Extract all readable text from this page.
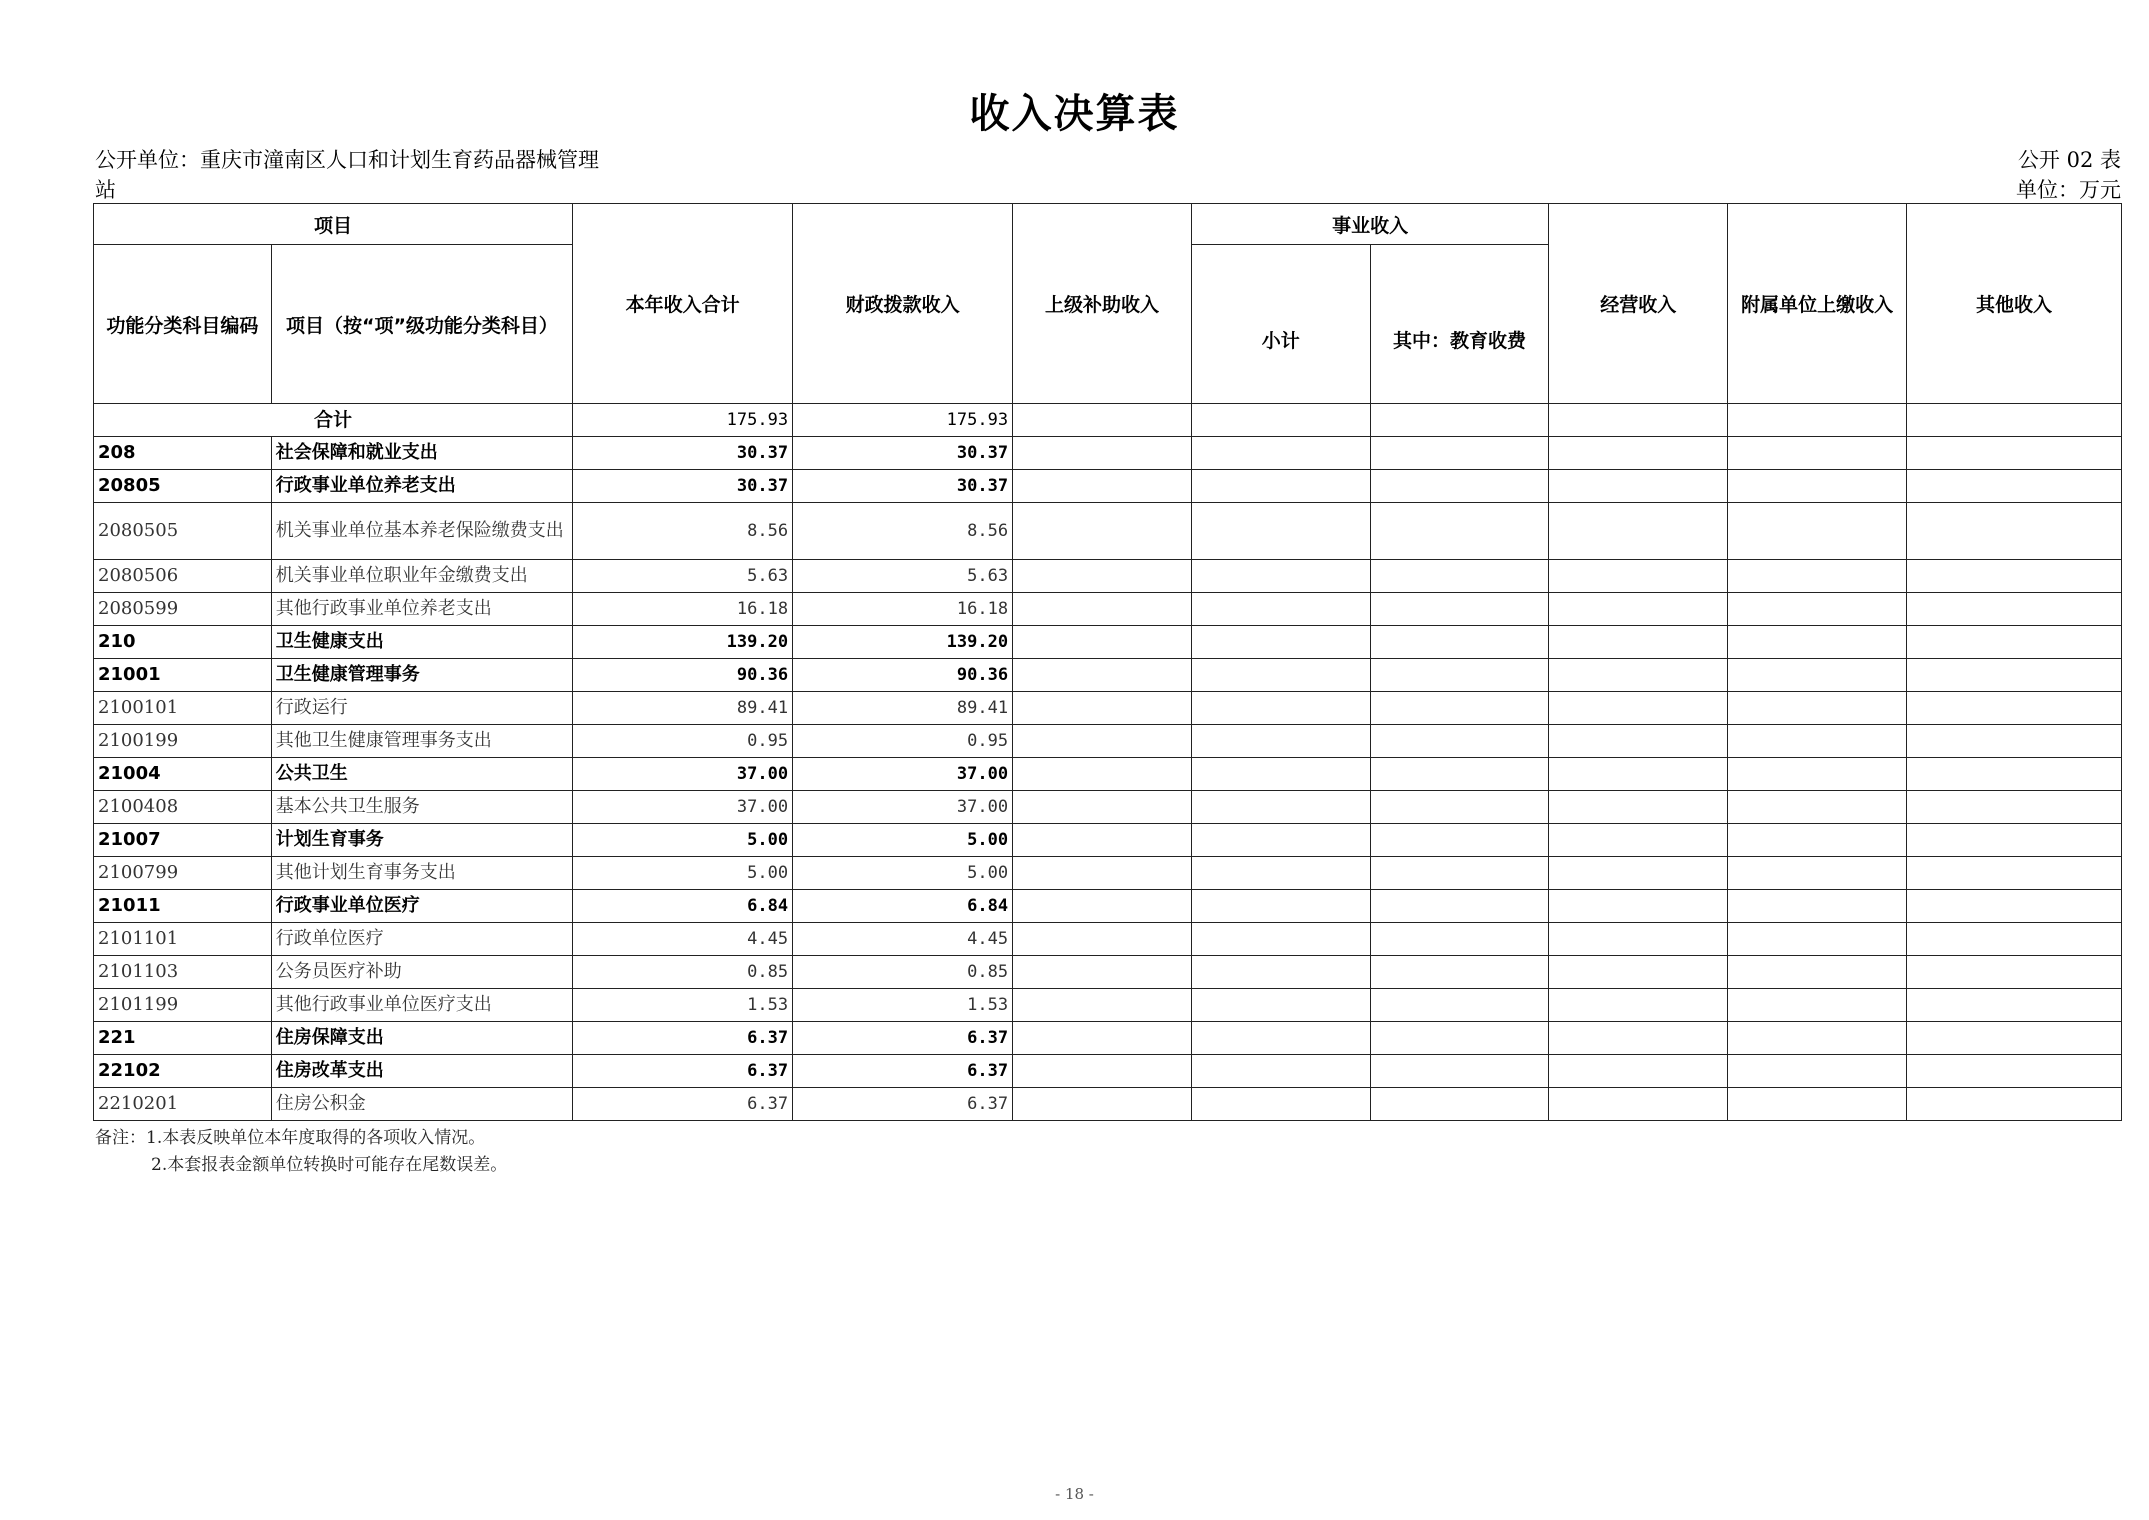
收入决算表
公开单位：重庆市潼南区人口和计划生育药品器械管理站
公开 02 表
单位：万元
项目		本年收入合计	财政拨款收入	上级补助收入	事业收入		经营收入	附属单位上缴收入	其他收入
功能分类科目编码	项目（按“项”级功能分类科目）				小计	其中：教育收费			
合计		175.93	175.93						
208	社会保障和就业支出	30.37	30.37						
20805	行政事业单位养老支出	30.37	30.37						
2080505	机关事业单位基本养老保险缴费支出	8.56	8.56						
2080506	机关事业单位职业年金缴费支出	5.63	5.63						
2080599	其他行政事业单位养老支出	16.18	16.18						
210	卫生健康支出	139.20	139.20						
21001	卫生健康管理事务	90.36	90.36						
2100101	行政运行	89.41	89.41						
2100199	其他卫生健康管理事务支出	0.95	0.95						
21004	公共卫生	37.00	37.00						
2100408	基本公共卫生服务	37.00	37.00						
21007	计划生育事务	5.00	5.00						
2100799	其他计划生育事务支出	5.00	5.00						
21011	行政事业单位医疗	6.84	6.84						
2101101	行政单位医疗	4.45	4.45						
2101103	公务员医疗补助	0.85	0.85						
2101199	其他行政事业单位医疗支出	1.53	1.53						
221	住房保障支出	6.37	6.37						
22102	住房改革支出	6.37	6.37						
2210201	住房公积金	6.37	6.37						
备注：1.本表反映单位本年度取得的各项收入情况。
2.本套报表金额单位转换时可能存在尾数误差。
- 18 -
